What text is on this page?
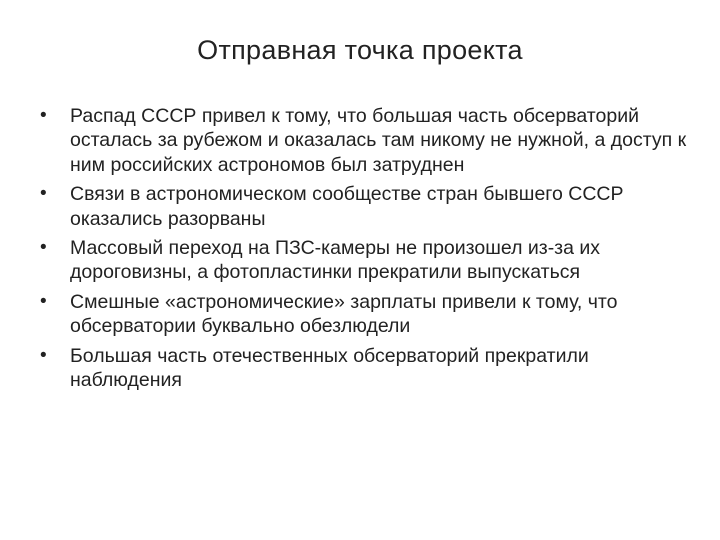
Отправная точка проекта
•	Распад СССР привел к тому, что большая часть обсерваторий осталась за рубежом и оказалась там никому не нужной, а доступ к ним российских астрономов был затруднен
•	Связи в астрономическом сообществе стран бывшего СССР оказались разорваны
•	Массовый переход на ПЗС-камеры не произошел из-за их дороговизны, а фотопластинки прекратили выпускаться
•	Смешные «астрономические» зарплаты привели к тому, что обсерватории буквально обезлюдели
•	Большая часть отечественных обсерваторий прекратили наблюдения
